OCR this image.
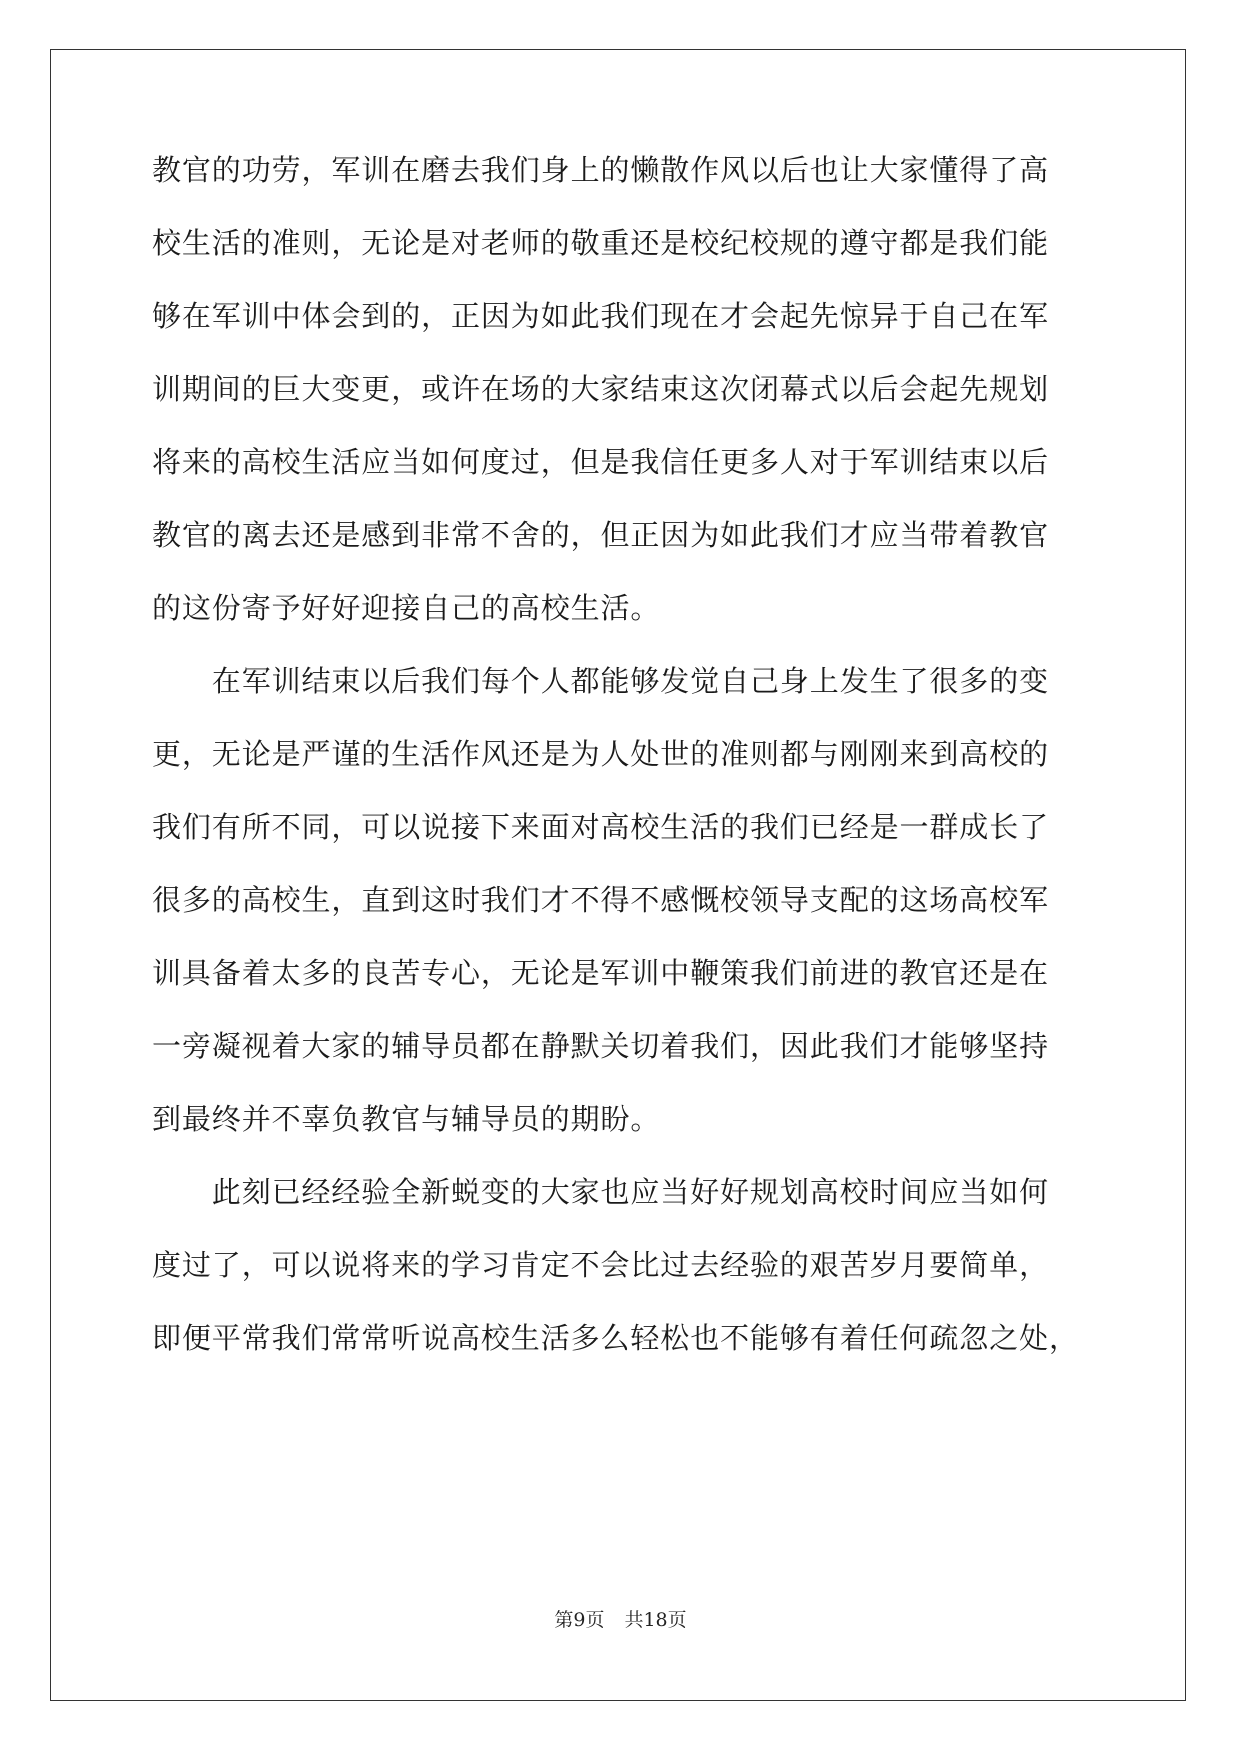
教官的功劳，军训在磨去我们身上的懒散作风以后也让大家懂得了高
校生活的准则，无论是对老师的敬重还是校纪校规的遵守都是我们能
够在军训中体会到的，正因为如此我们现在才会起先惊异于自己在军
训期间的巨大变更，或许在场的大家结束这次闭幕式以后会起先规划
将来的高校生活应当如何度过，但是我信任更多人对于军训结束以后
教官的离去还是感到非常不舍的，但正因为如此我们才应当带着教官
的这份寄予好好迎接自己的高校生活。
　　在军训结束以后我们每个人都能够发觉自己身上发生了很多的变
更，无论是严谨的生活作风还是为人处世的准则都与刚刚来到高校的
我们有所不同，可以说接下来面对高校生活的我们已经是一群成长了
很多的高校生，直到这时我们才不得不感慨校领导支配的这场高校军
训具备着太多的良苦专心，无论是军训中鞭策我们前进的教官还是在
一旁凝视着大家的辅导员都在静默关切着我们，因此我们才能够坚持
到最终并不辜负教官与辅导员的期盼。
　　此刻已经经验全新蜕变的大家也应当好好规划高校时间应当如何
度过了，可以说将来的学习肯定不会比过去经验的艰苦岁月要简单，
即便平常我们常常听说高校生活多么轻松也不能够有着任何疏忽之处，
第9页 共18页
